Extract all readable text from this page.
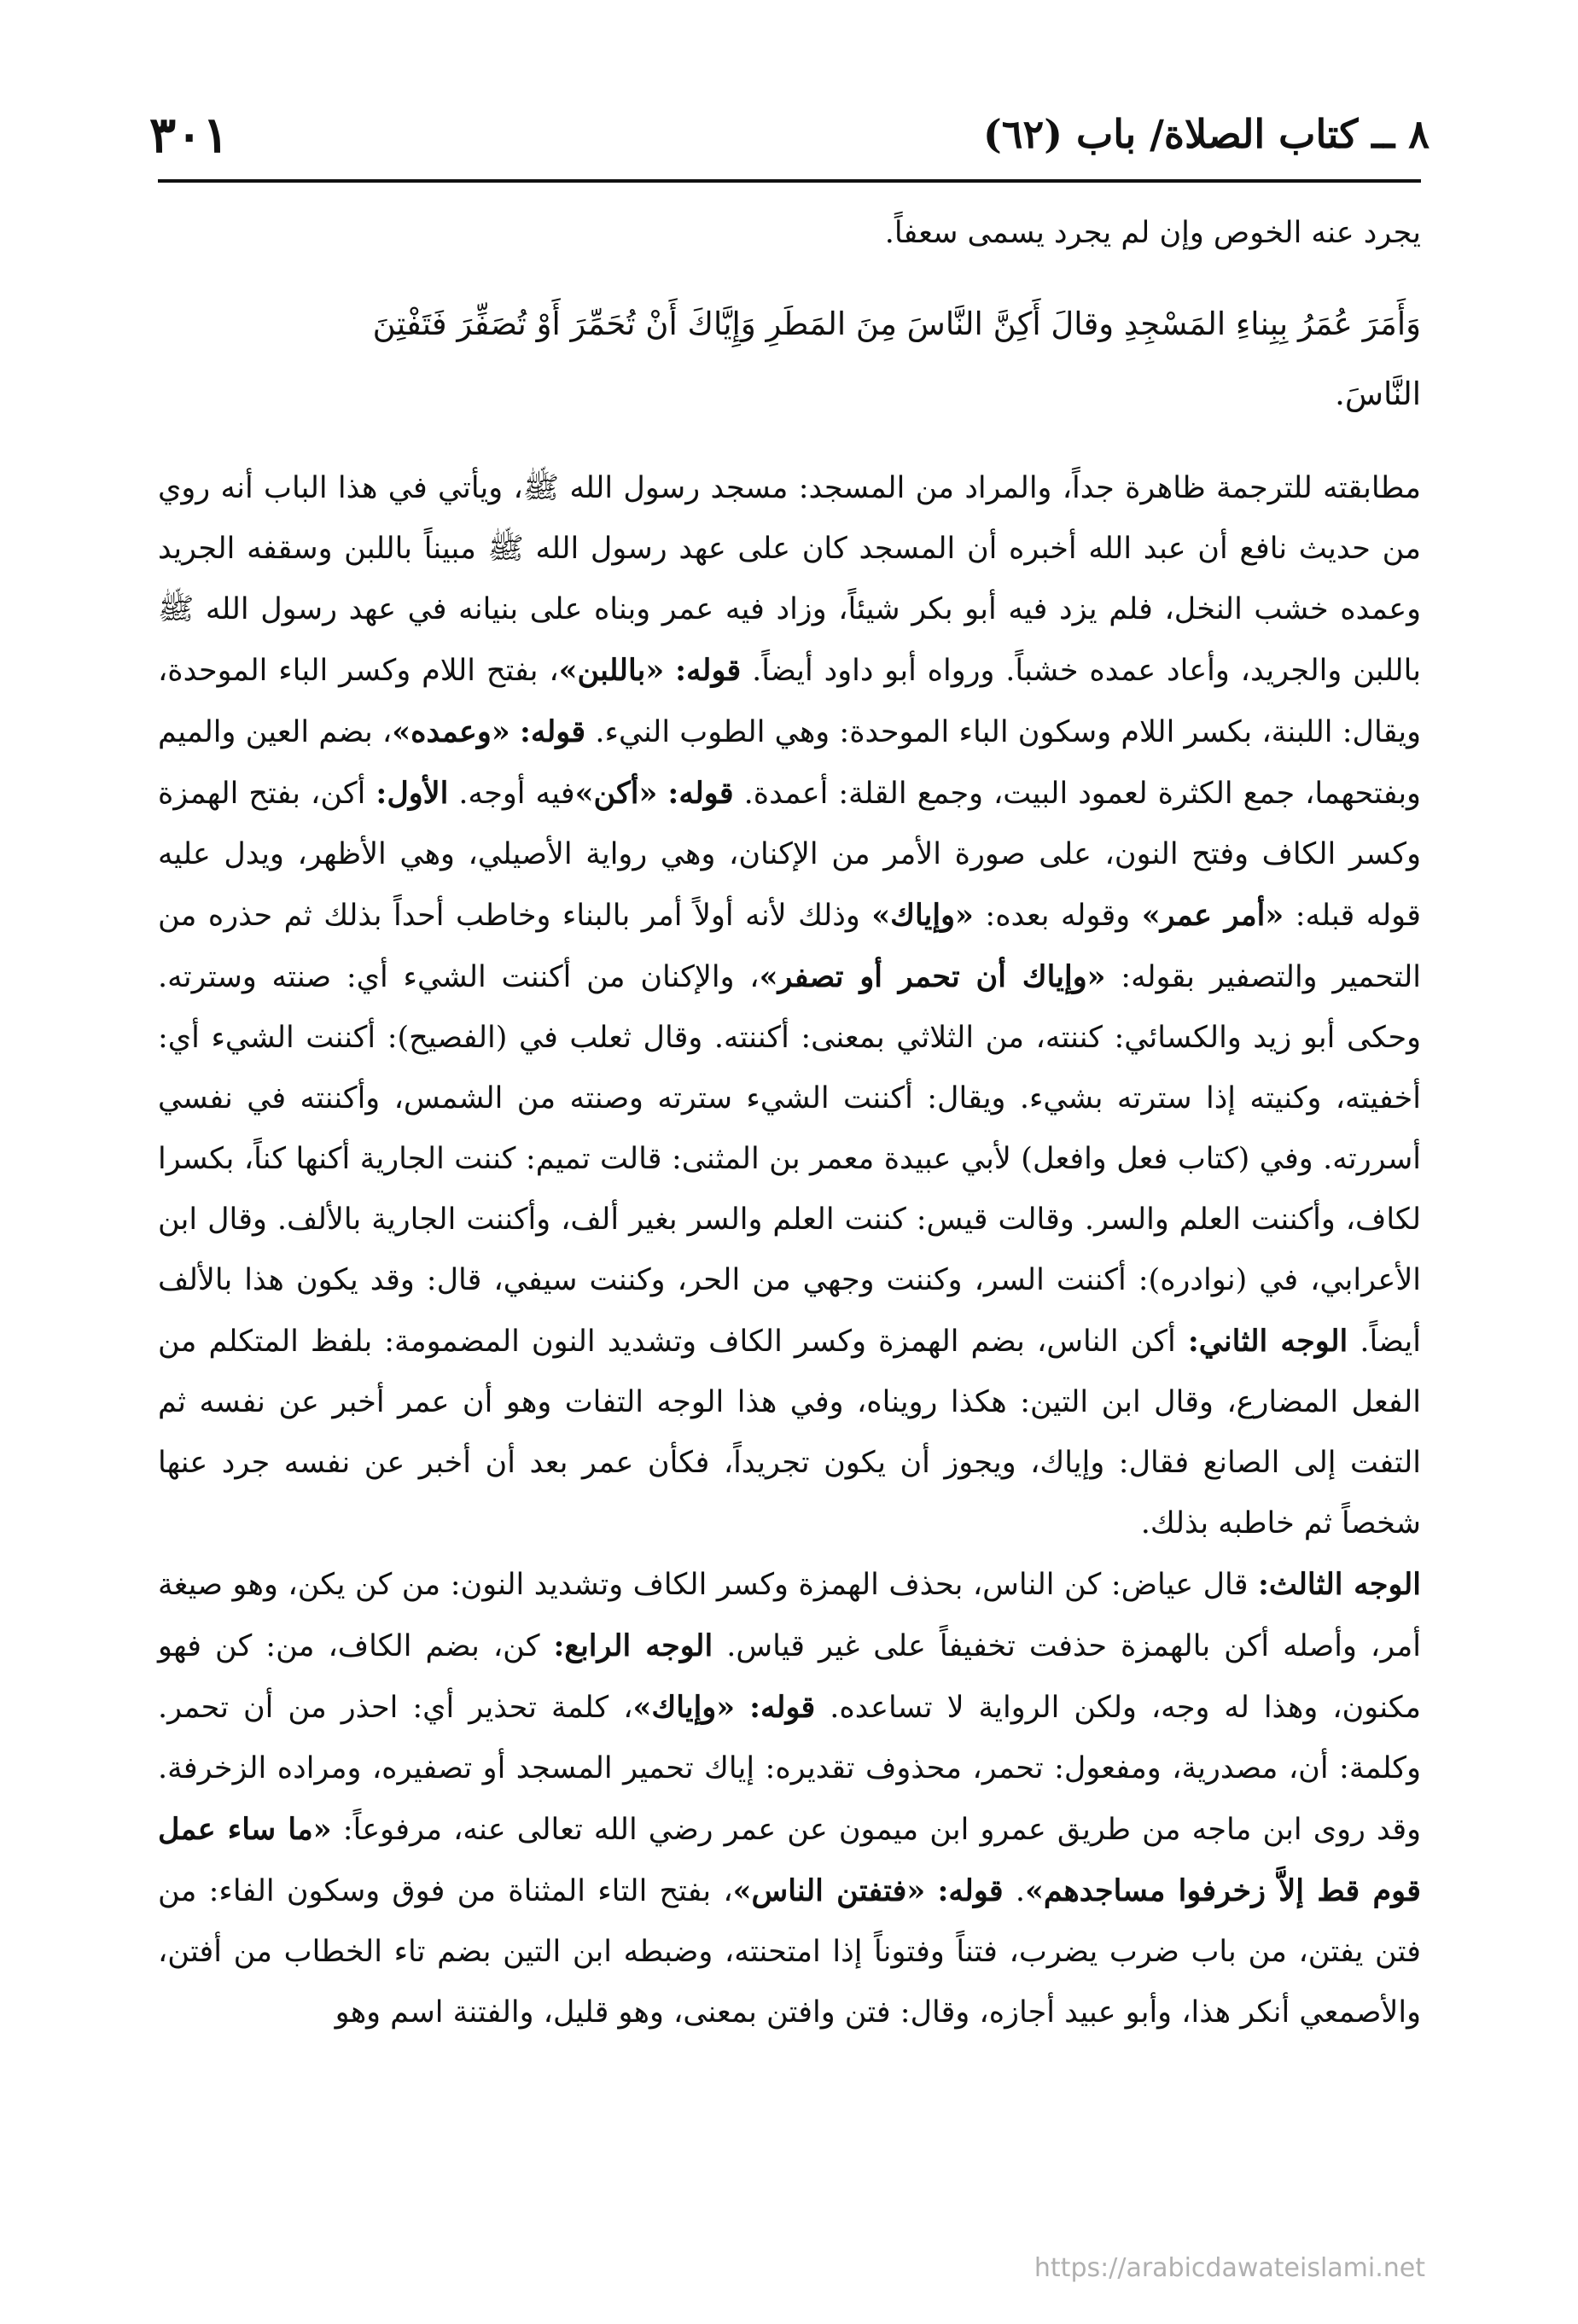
٨ ــ كتاب الصلاة/ باب (٦٢)
٣٠١

يجرد عنه الخوص وإن لم يجرد يسمى سعفاً.

وَأَمَرَ عُمَرُ بِبِناءِ المَسْجِدِ وقالَ أَكِنَّ النَّاسَ مِنَ المَطَرِ وَإِيَّاكَ أَنْ تُحَمِّرَ أَوْ تُصَفِّرَ فَتَفْتِنَ

النَّاسَ.

مطابقته للترجمة ظاهرة جداً، والمراد من المسجد: مسجد رسول الله ﷺ، ويأتي في هذا الباب أنه روي من حديث نافع أن عبد الله أخبره أن المسجد كان على عهد رسول الله ﷺ مبيناً باللبن وسقفه الجريد وعمده خشب النخل، فلم يزد فيه أبو بكر شيئاً، وزاد فيه عمر وبناه على بنيانه في عهد رسول الله ﷺ باللبن والجريد، وأعاد عمده خشباً. ورواه أبو داود أيضاً. قوله: «باللبن»، بفتح اللام وكسر الباء الموحدة، ويقال: اللبنة، بكسر اللام وسكون الباء الموحدة: وهي الطوب النيء. قوله: «وعمده»، بضم العين والميم وبفتحهما، جمع الكثرة لعمود البيت، وجمع القلة: أعمدة. قوله: «أكن»فيه أوجه. الأول: أكن، بفتح الهمزة وكسر الكاف وفتح النون، على صورة الأمر من الإكنان، وهي رواية الأصيلي، وهي الأظهر، ويدل عليه قوله قبله: «أمر عمر» وقوله بعده: «وإياك» وذلك لأنه أولاً أمر بالبناء وخاطب أحداً بذلك ثم حذره من التحمير والتصفير بقوله: «وإياك أن تحمر أو تصفر»، والإكنان من أكننت الشيء أي: صنته وسترته. وحكى أبو زيد والكسائي: كننته، من الثلاثي بمعنى: أكننته. وقال ثعلب في (الفصيح): أكننت الشيء أي: أخفيته، وكنيته إذا سترته بشيء. ويقال: أكننت الشيء سترته وصنته من الشمس، وأكننته في نفسي أسررته. وفي (كتاب فعل وافعل) لأبي عبيدة معمر بن المثنى: قالت تميم: كننت الجارية أكنها كناً، بكسرا لكاف، وأكننت العلم والسر. وقالت قيس: كننت العلم والسر بغير ألف، وأكننت الجارية بالألف. وقال ابن الأعرابي، في (نوادره): أكننت السر، وكننت وجهي من الحر، وكننت سيفي، قال: وقد يكون هذا بالألف أيضاً. الوجه الثاني: أكن الناس، بضم الهمزة وكسر الكاف وتشديد النون المضمومة: بلفظ المتكلم من الفعل المضارع، وقال ابن التين: هكذا رويناه، وفي هذا الوجه التفات وهو أن عمر أخبر عن نفسه ثم التفت إلى الصانع فقال: وإياك، ويجوز أن يكون تجريداً، فكأن عمر بعد أن أخبر عن نفسه جرد عنها شخصاً ثم خاطبه بذلك.
الوجه الثالث: قال عياض: كن الناس، بحذف الهمزة وكسر الكاف وتشديد النون: من كن يكن، وهو صيغة أمر، وأصله أكن بالهمزة حذفت تخفيفاً على غير قياس. الوجه الرابع: كن، بضم الكاف، من: كن فهو مكنون، وهذا له وجه، ولكن الرواية لا تساعده. قوله: «وإياك»، كلمة تحذير أي: احذر من أن تحمر. وكلمة: أن، مصدرية، ومفعول: تحمر، محذوف تقديره: إياك تحمير المسجد أو تصفيره، ومراده الزخرفة. وقد روى ابن ماجه من طريق عمرو ابن ميمون عن عمر رضي الله تعالى عنه، مرفوعاً: «ما ساء عمل قوم قط إلاَّ زخرفوا مساجدهم». قوله: «فتفتن الناس»، بفتح التاء المثناة من فوق وسكون الفاء: من فتن يفتن، من باب ضرب يضرب، فتناً وفتوناً إذا امتحنته، وضبطه ابن التين بضم تاء الخطاب من أفتن، والأصمعي أنكر هذا، وأبو عبيد أجازه، وقال: فتن وافتن بمعنى، وهو قليل، والفتنة اسم وهو

https://arabicdawateislami.net
